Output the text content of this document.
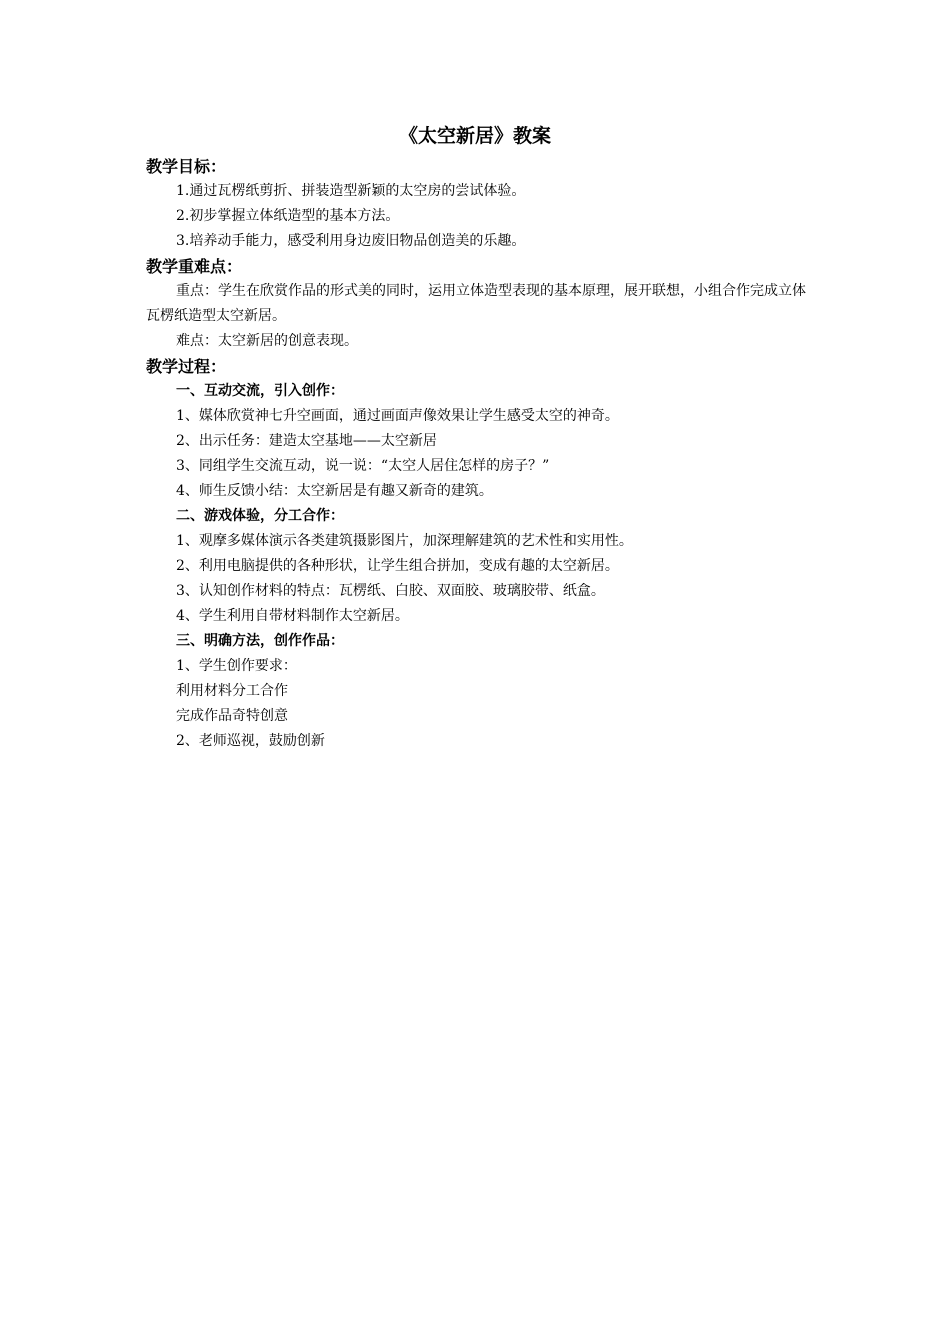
《太空新居》教案

教学目标：

1.通过瓦楞纸剪折、拼装造型新颖的太空房的尝试体验。

2.初步掌握立体纸造型的基本方法。

3.培养动手能力，感受利用身边废旧物品创造美的乐趣。

教学重难点：

重点：学生在欣赏作品的形式美的同时，运用立体造型表现的基本原理，展开联想，小组合作完成立体瓦楞纸造型太空新居。

难点：太空新居的创意表现。

教学过程：

一、互动交流，引入创作：

1、媒体欣赏神七升空画面，通过画面声像效果让学生感受太空的神奇。

2、出示任务：建造太空基地——太空新居

3、同组学生交流互动，说一说：“太空人居住怎样的房子？”

4、师生反馈小结：太空新居是有趣又新奇的建筑。

二、游戏体验，分工合作：

1、观摩多媒体演示各类建筑摄影图片，加深理解建筑的艺术性和实用性。

2、利用电脑提供的各种形状，让学生组合拼加，变成有趣的太空新居。

3、认知创作材料的特点：瓦楞纸、白胶、双面胶、玻璃胶带、纸盒。

4、学生利用自带材料制作太空新居。

三、明确方法，创作作品：

1、学生创作要求：

利用材料分工合作

完成作品奇特创意

2、老师巡视，鼓励创新
